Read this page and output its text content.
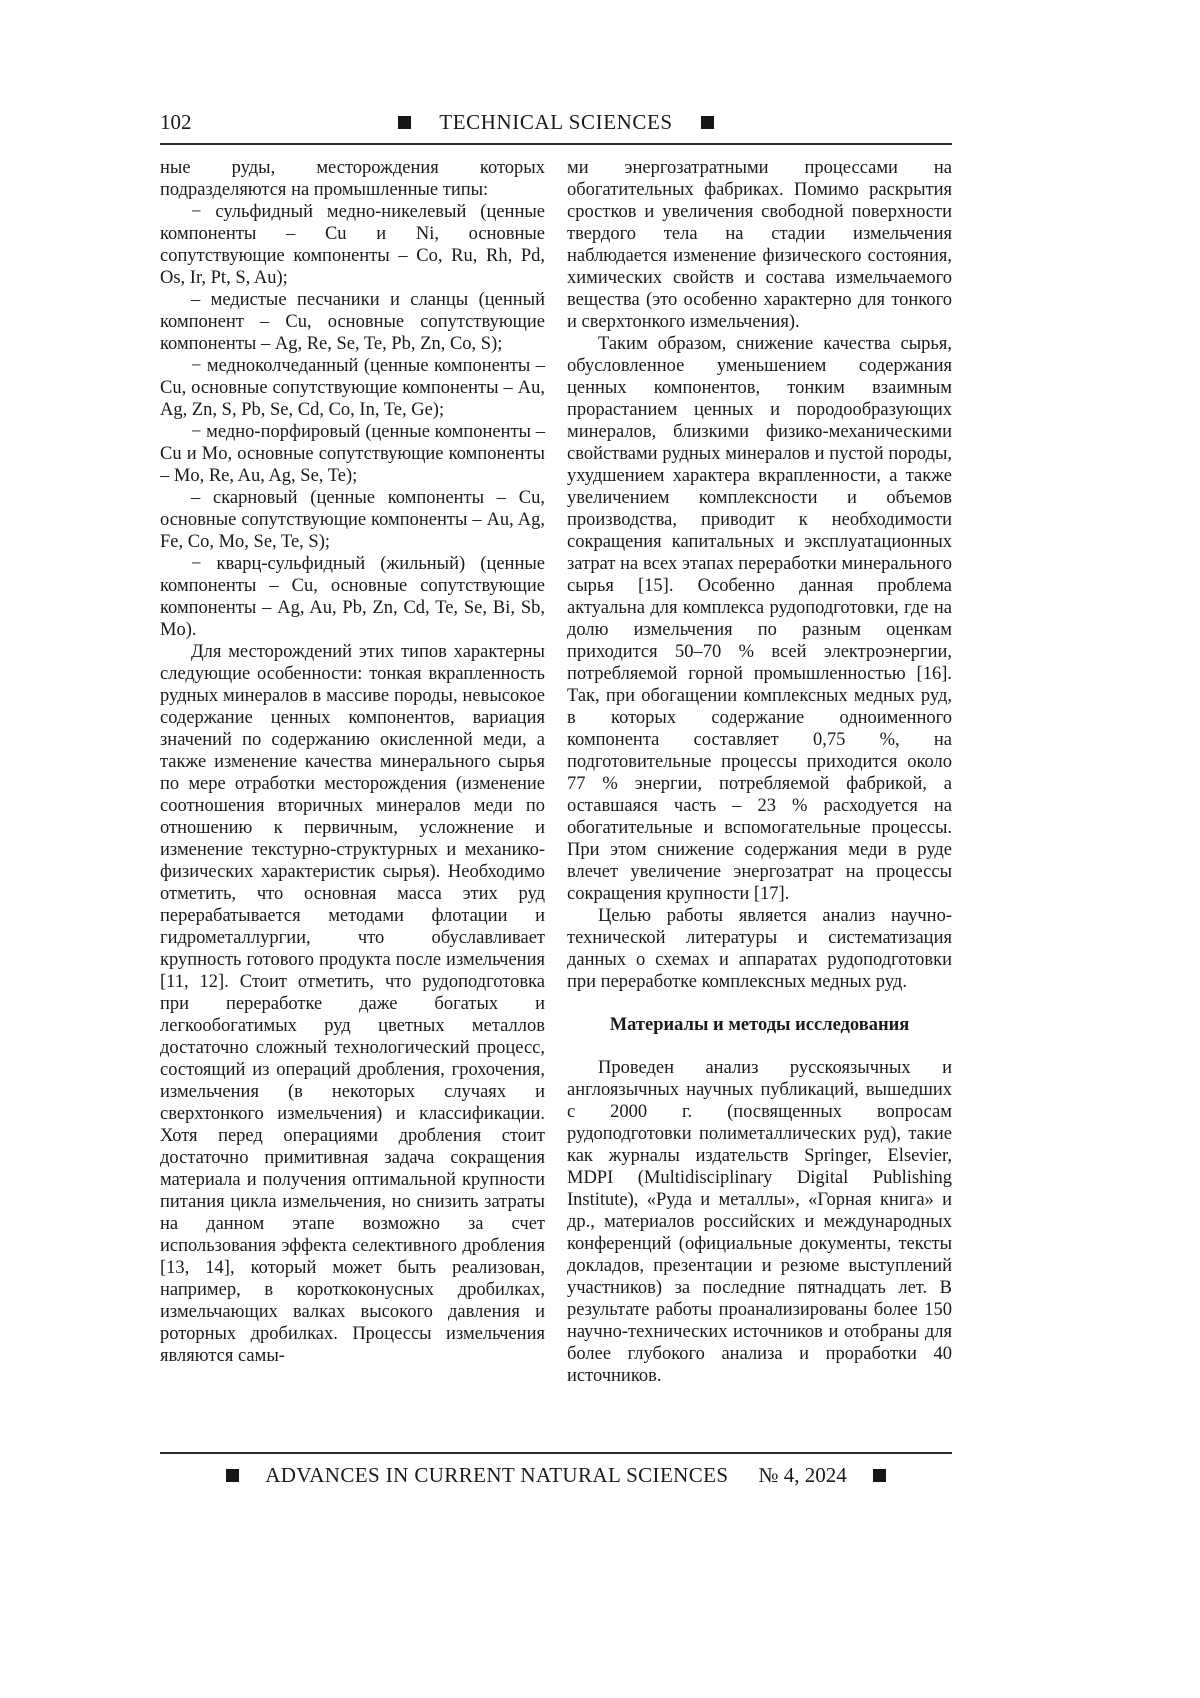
102	TECHNICAL SCIENCES

ные руды, месторождения которых подразделяются на промышленные типы:

− сульфидный медно-никелевый (ценные компоненты – Cu и Ni, основные сопутствующие компоненты – Co, Ru, Rh, Pd, Os, Ir, Pt, S, Au);

– медистые песчаники и сланцы (ценный компонент – Cu, основные сопутствующие компоненты – Ag, Re, Se, Te, Pb, Zn, Co, S);

− медноколчеданный (ценные компоненты – Cu, основные сопутствующие компоненты – Au, Ag, Zn, S, Pb, Se, Cd, Co, In, Te, Ge);

− медно-порфировый (ценные компоненты – Cu и Mo, основные сопутствующие компоненты – Mo, Re, Au, Ag, Se, Te);

– скарновый (ценные компоненты – Cu, основные сопутствующие компоненты – Au, Ag, Fe, Co, Mo, Se, Te, S);

− кварц-сульфидный (жильный) (ценные компоненты – Cu, основные сопутствующие компоненты – Ag, Au, Pb, Zn, Cd, Te, Se, Bi, Sb, Mo).

Для месторождений этих типов характерны следующие особенности: тонкая вкрапленность рудных минералов в массиве породы, невысокое содержание ценных компонентов, вариация значений по содержанию окисленной меди, а также изменение качества минерального сырья по мере отработки месторождения (изменение соотношения вторичных минералов меди по отношению к первичным, усложнение и изменение текстурно-структурных и механико-физических характеристик сырья). Необходимо отметить, что основная масса этих руд перерабатывается методами флотации и гидрометаллургии, что обуславливает крупность готового продукта после измельчения [11, 12]. Стоит отметить, что рудоподготовка при переработке даже богатых и легкообогатимых руд цветных металлов достаточно сложный технологический процесс, состоящий из операций дробления, грохочения, измельчения (в некоторых случаях и сверхтонкого измельчения) и классификации. Хотя перед операциями дробления стоит достаточно примитивная задача сокращения материала и получения оптимальной крупности питания цикла измельчения, но снизить затраты на данном этапе возможно за счет использования эффекта селективного дробления [13, 14], который может быть реализован, например, в короткоконусных дробилках, измельчающих валках высокого давления и роторных дробилках. Процессы измельчения являются самы-

ми энергозатратными процессами на обогатительных фабриках. Помимо раскрытия сростков и увеличения свободной поверхности твердого тела на стадии измельчения наблюдается изменение физического состояния, химических свойств и состава измельчаемого вещества (это особенно характерно для тонкого и сверхтонкого измельчения).

Таким образом, снижение качества сырья, обусловленное уменьшением содержания ценных компонентов, тонким взаимным прорастанием ценных и породообразующих минералов, близкими физико-механическими свойствами рудных минералов и пустой породы, ухудшением характера вкрапленности, а также увеличением комплексности и объемов производства, приводит к необходимости сокращения капитальных и эксплуатационных затрат на всех этапах переработки минерального сырья [15]. Особенно данная проблема актуальна для комплекса рудоподготовки, где на долю измельчения по разным оценкам приходится 50–70 % всей электроэнергии, потребляемой горной промышленностью [16]. Так, при обогащении комплексных медных руд, в которых содержание одноименного компонента составляет 0,75 %, на подготовительные процессы приходится около 77 % энергии, потребляемой фабрикой, а оставшаяся часть – 23 % расходуется на обогатительные и вспомогательные процессы. При этом снижение содержания меди в руде влечет увеличение энергозатрат на процессы сокращения крупности [17].

Целью работы является анализ научно-технической литературы и систематизация данных о схемах и аппаратах рудоподготовки при переработке комплексных медных руд.

Материалы и методы исследования

Проведен анализ русскоязычных и англоязычных научных публикаций, вышедших с 2000 г. (посвященных вопросам рудоподготовки полиметаллических руд), такие как журналы издательств Springer, Elsevier, MDPI (Multidisciplinary Digital Publishing Institute), «Руда и металлы», «Горная книга» и др., материалов российских и международных конференций (официальные документы, тексты докладов, презентации и резюме выступлений участников) за последние пятнадцать лет. В результате работы проанализированы более 150 научно-технических источников и отобраны для более глубокого анализа и проработки 40 источников.

ADVANCES IN CURRENT NATURAL SCIENCES № 4, 2024
